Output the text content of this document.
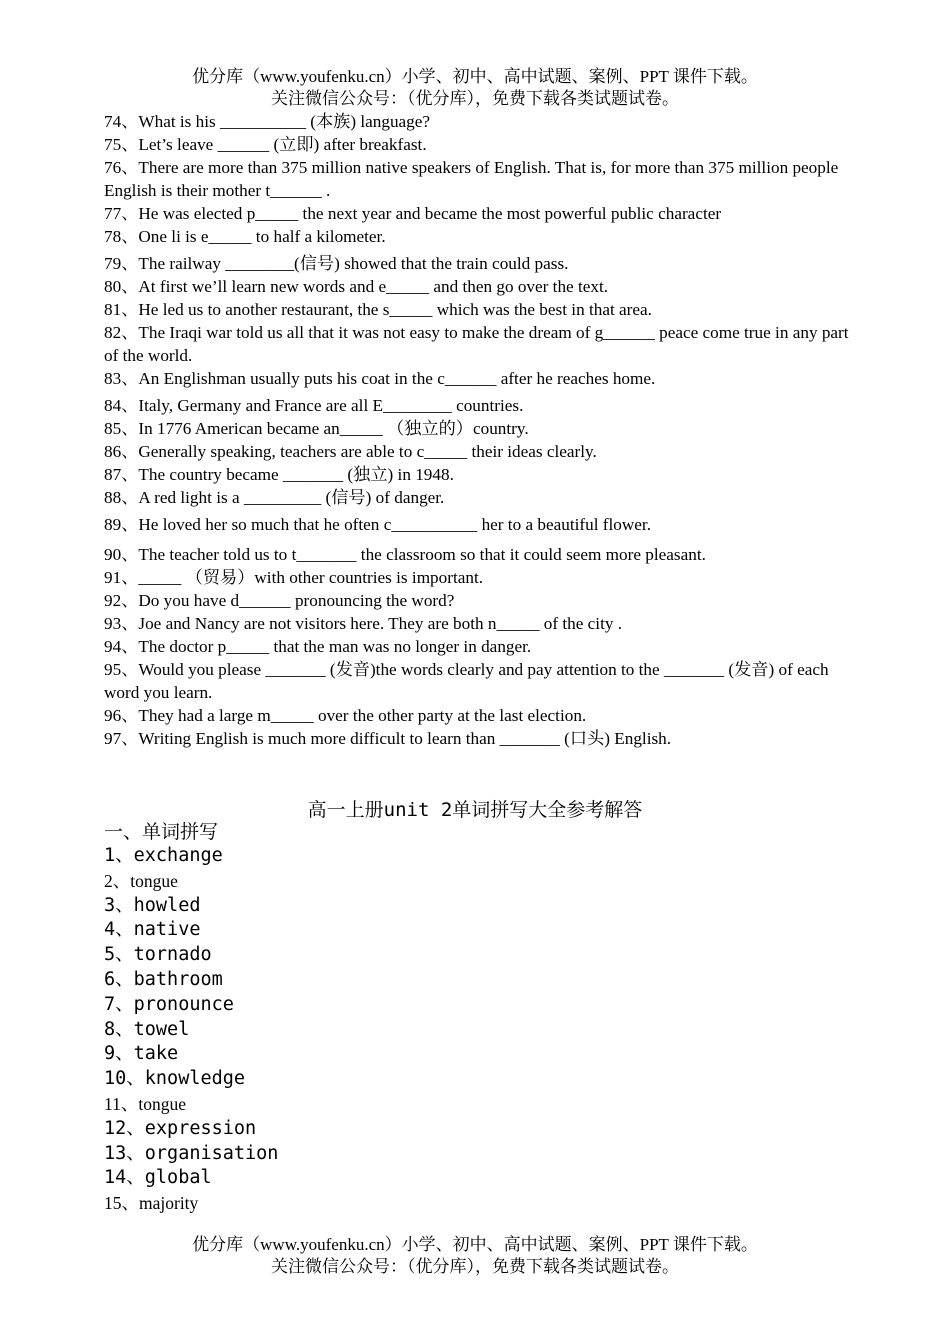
优分库（www.youfenku.cn）小学、初中、高中试题、案例、PPT 课件下载。
关注微信公众号：（优分库），免费下载各类试题试卷。

74、What is his __________ (本族) language?

75、Let’s leave ______ (立即) after breakfast.

76、There are more than 375 million native speakers of English. That is, for more than 375 million people English is their mother t______ .

77、He was elected p_____ the next year and became the most powerful public character

78、One li is e_____ to half a kilometer.

79、The railway ________(信号) showed that the train could pass.

80、At first we’ll learn new words and e_____ and then go over the text.

81、He led us to another restaurant, the s_____ which was the best in that area.

82、The Iraqi war told us all that it was not easy to make the dream of g______ peace come true in any part of the world.

83、An Englishman usually puts his coat in the c______ after he reaches home.

84、Italy, Germany and France are all E________ countries.

85、In 1776 American became an_____ （独立的）country.

86、Generally speaking, teachers are able to c_____ their ideas clearly.

87、The country became _______ (独立) in 1948.

88、A red light is a _________ (信号) of danger.

89、He loved her so much that he often c__________ her to a beautiful flower.

90、The teacher told us to t_______ the classroom so that it could seem more pleasant.

91、_____ （贸易）with other countries is important.

92、Do you have d______ pronouncing the word?

93、Joe and Nancy are not visitors here. They are both n_____ of the city .

94、The doctor p_____ that the man was no longer in danger.

95、Would you please _______ (发音)the words clearly and pay attention to the _______ (发音) of each word you learn.

96、They had a large m_____ over the other party at the last election.

97、Writing English is much more difficult to learn than _______ (口头) English.

高一上册unit 2单词拼写大全参考解答
一、单词拼写
1、exchange
2、tongue
3、howled
4、native
5、tornado
6、bathroom
7、pronounce
8、towel
9、take
10、knowledge
11、tongue
12、expression
13、organisation
14、global
15、majority
优分库（www.youfenku.cn）小学、初中、高中试题、案例、PPT 课件下载。
关注微信公众号：（优分库），免费下载各类试题试卷。
